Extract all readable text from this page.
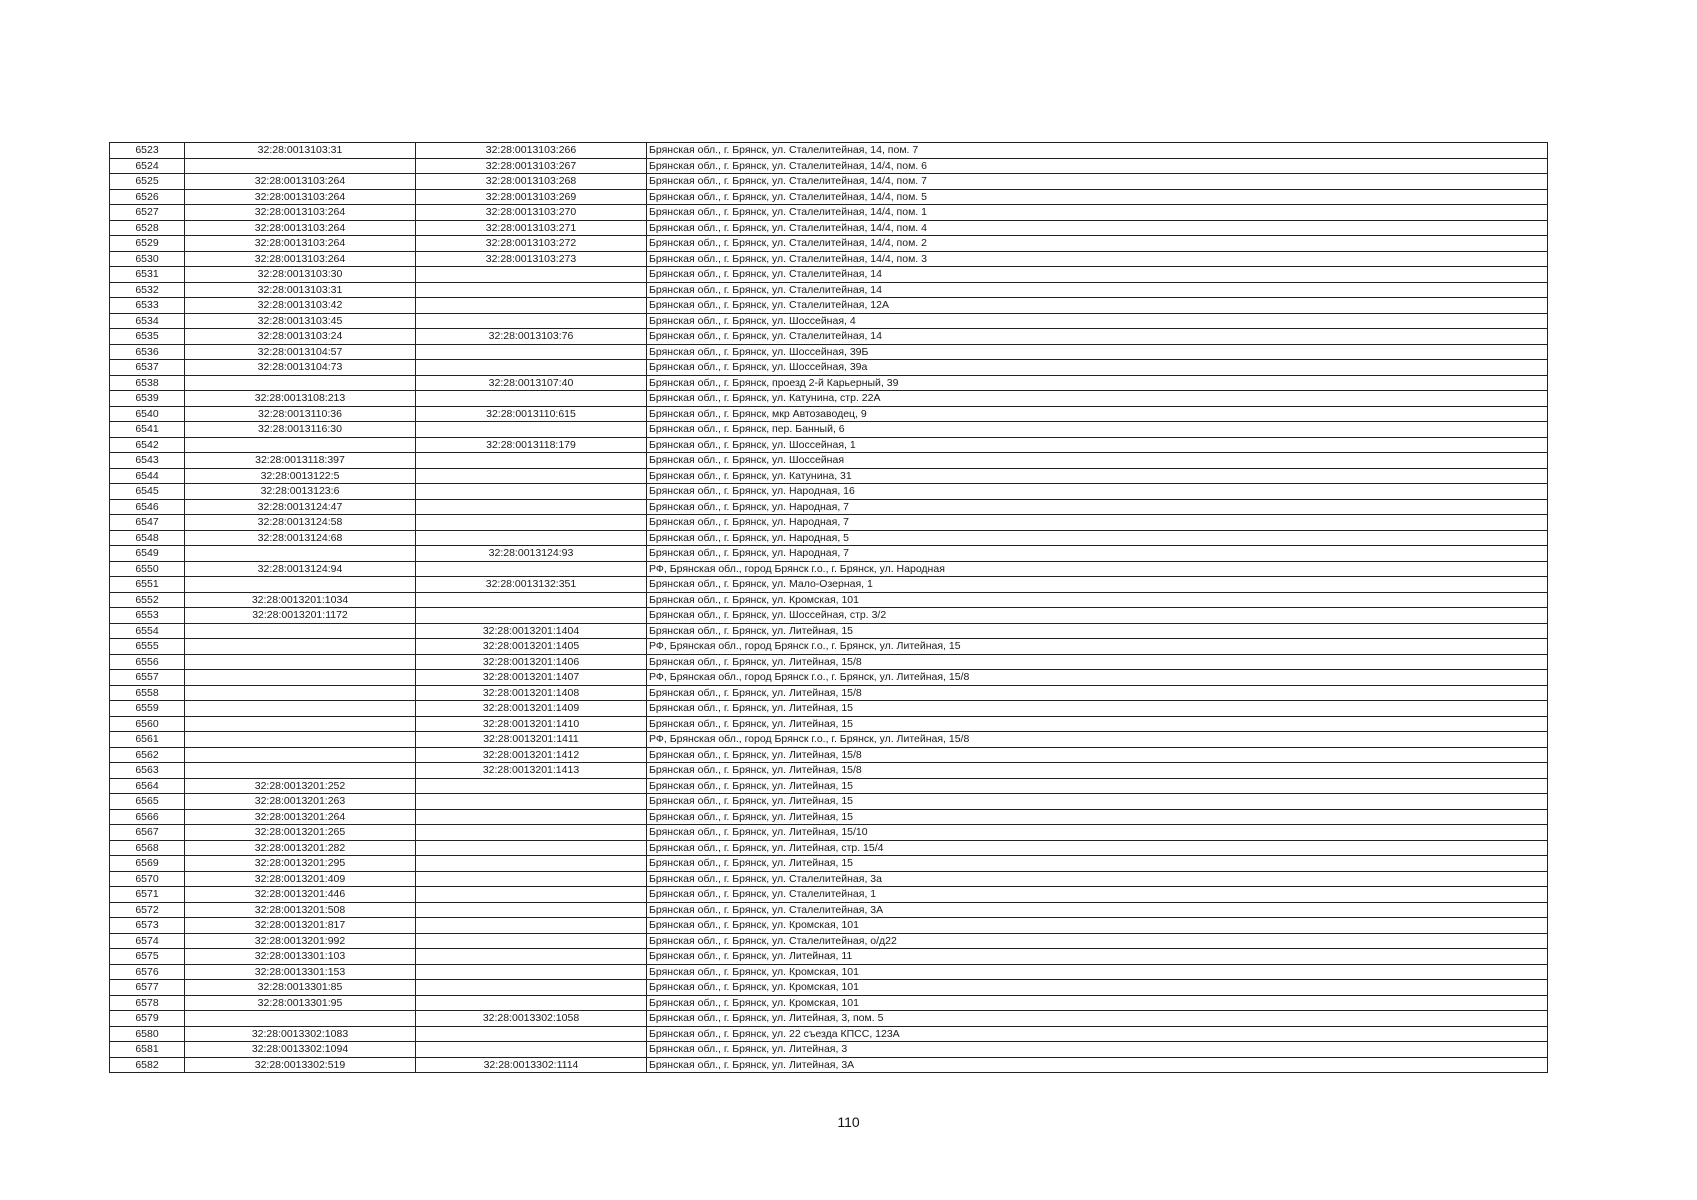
6523	32:28:0013103:31	32:28:0013103:266	Брянская обл., г. Брянск, ул. Сталелитейная, 14, пом. 7
6524		32:28:0013103:267	Брянская обл., г. Брянск, ул. Сталелитейная, 14/4, пом. 6
6525	32:28:0013103:264	32:28:0013103:268	Брянская обл., г. Брянск, ул. Сталелитейная, 14/4, пом. 7
6526	32:28:0013103:264	32:28:0013103:269	Брянская обл., г. Брянск, ул. Сталелитейная, 14/4, пом. 5
6527	32:28:0013103:264	32:28:0013103:270	Брянская обл., г. Брянск, ул. Сталелитейная, 14/4, пом. 1
6528	32:28:0013103:264	32:28:0013103:271	Брянская обл., г. Брянск, ул. Сталелитейная, 14/4, пом. 4
6529	32:28:0013103:264	32:28:0013103:272	Брянская обл., г. Брянск, ул. Сталелитейная, 14/4, пом. 2
6530	32:28:0013103:264	32:28:0013103:273	Брянская обл., г. Брянск, ул. Сталелитейная, 14/4, пом. 3
6531	32:28:0013103:30		Брянская обл., г. Брянск, ул. Сталелитейная, 14
6532	32:28:0013103:31		Брянская обл., г. Брянск, ул. Сталелитейная, 14
6533	32:28:0013103:42		Брянская обл., г. Брянск, ул. Сталелитейная, 12А
6534	32:28:0013103:45		Брянская обл., г. Брянск, ул. Шоссейная, 4
6535	32:28:0013103:24	32:28:0013103:76	Брянская обл., г. Брянск, ул. Сталелитейная, 14
6536	32:28:0013104:57		Брянская обл., г. Брянск, ул. Шоссейная, 39Б
6537	32:28:0013104:73		Брянская обл., г. Брянск, ул. Шоссейная, 39а
6538		32:28:0013107:40	Брянская обл., г. Брянск, проезд 2-й Карьерный, 39
6539	32:28:0013108:213		Брянская обл., г. Брянск, ул. Катунина, стр. 22А
6540	32:28:0013110:36	32:28:0013110:615	Брянская обл., г. Брянск, мкр Автозаводец, 9
6541	32:28:0013116:30		Брянская обл., г. Брянск, пер. Банный, 6
6542		32:28:0013118:179	Брянская обл., г. Брянск, ул. Шоссейная, 1
6543	32:28:0013118:397		Брянская обл., г. Брянск, ул. Шоссейная
6544	32:28:0013122:5		Брянская обл., г. Брянск, ул. Катунина, 31
6545	32:28:0013123:6		Брянская обл., г. Брянск, ул. Народная, 16
6546	32:28:0013124:47		Брянская обл., г. Брянск, ул. Народная, 7
6547	32:28:0013124:58		Брянская обл., г. Брянск, ул. Народная, 7
6548	32:28:0013124:68		Брянская обл., г. Брянск, ул. Народная, 5
6549		32:28:0013124:93	Брянская обл., г. Брянск, ул. Народная, 7
6550	32:28:0013124:94		РФ, Брянская обл., город Брянск г.о., г. Брянск, ул. Народная
6551		32:28:0013132:351	Брянская обл., г. Брянск, ул. Мало-Озерная, 1
6552	32:28:0013201:1034		Брянская обл., г. Брянск, ул. Кромская, 101
6553	32:28:0013201:1172		Брянская обл., г. Брянск, ул. Шоссейная, стр. 3/2
6554		32:28:0013201:1404	Брянская обл., г. Брянск, ул. Литейная, 15
6555		32:28:0013201:1405	РФ, Брянская обл., город Брянск г.о., г. Брянск, ул. Литейная, 15
6556		32:28:0013201:1406	Брянская обл., г. Брянск, ул. Литейная, 15/8
6557		32:28:0013201:1407	РФ, Брянская обл., город Брянск г.о., г. Брянск, ул. Литейная, 15/8
6558		32:28:0013201:1408	Брянская обл., г. Брянск, ул. Литейная, 15/8
6559		32:28:0013201:1409	Брянская обл., г. Брянск, ул. Литейная, 15
6560		32:28:0013201:1410	Брянская обл., г. Брянск, ул. Литейная, 15
6561		32:28:0013201:1411	РФ, Брянская обл., город Брянск г.о., г. Брянск, ул. Литейная, 15/8
6562		32:28:0013201:1412	Брянская обл., г. Брянск, ул. Литейная, 15/8
6563		32:28:0013201:1413	Брянская обл., г. Брянск, ул. Литейная, 15/8
6564	32:28:0013201:252		Брянская обл., г. Брянск, ул. Литейная, 15
6565	32:28:0013201:263		Брянская обл., г. Брянск, ул. Литейная, 15
6566	32:28:0013201:264		Брянская обл., г. Брянск, ул. Литейная, 15
6567	32:28:0013201:265		Брянская обл., г. Брянск, ул. Литейная, 15/10
6568	32:28:0013201:282		Брянская обл., г. Брянск, ул. Литейная, стр. 15/4
6569	32:28:0013201:295		Брянская обл., г. Брянск, ул. Литейная, 15
6570	32:28:0013201:409		Брянская обл., г. Брянск, ул. Сталелитейная, 3а
6571	32:28:0013201:446		Брянская обл., г. Брянск, ул. Сталелитейная, 1
6572	32:28:0013201:508		Брянская обл., г. Брянск, ул. Сталелитейная, 3А
6573	32:28:0013201:817		Брянская обл., г. Брянск, ул. Кромская, 101
6574	32:28:0013201:992		Брянская обл., г. Брянск, ул. Сталелитейная, о/д22
6575	32:28:0013301:103		Брянская обл., г. Брянск, ул. Литейная, 11
6576	32:28:0013301:153		Брянская обл., г. Брянск, ул. Кромская, 101
6577	32:28:0013301:85		Брянская обл., г. Брянск, ул. Кромская, 101
6578	32:28:0013301:95		Брянская обл., г. Брянск, ул. Кромская, 101
6579		32:28:0013302:1058	Брянская обл., г. Брянск, ул. Литейная, 3, пом. 5
6580	32:28:0013302:1083		Брянская обл., г. Брянск, ул. 22 съезда КПСС, 123А
6581	32:28:0013302:1094		Брянская обл., г. Брянск, ул. Литейная, 3
6582	32:28:0013302:519	32:28:0013302:1114	Брянская обл., г. Брянск, ул. Литейная, 3А
110
